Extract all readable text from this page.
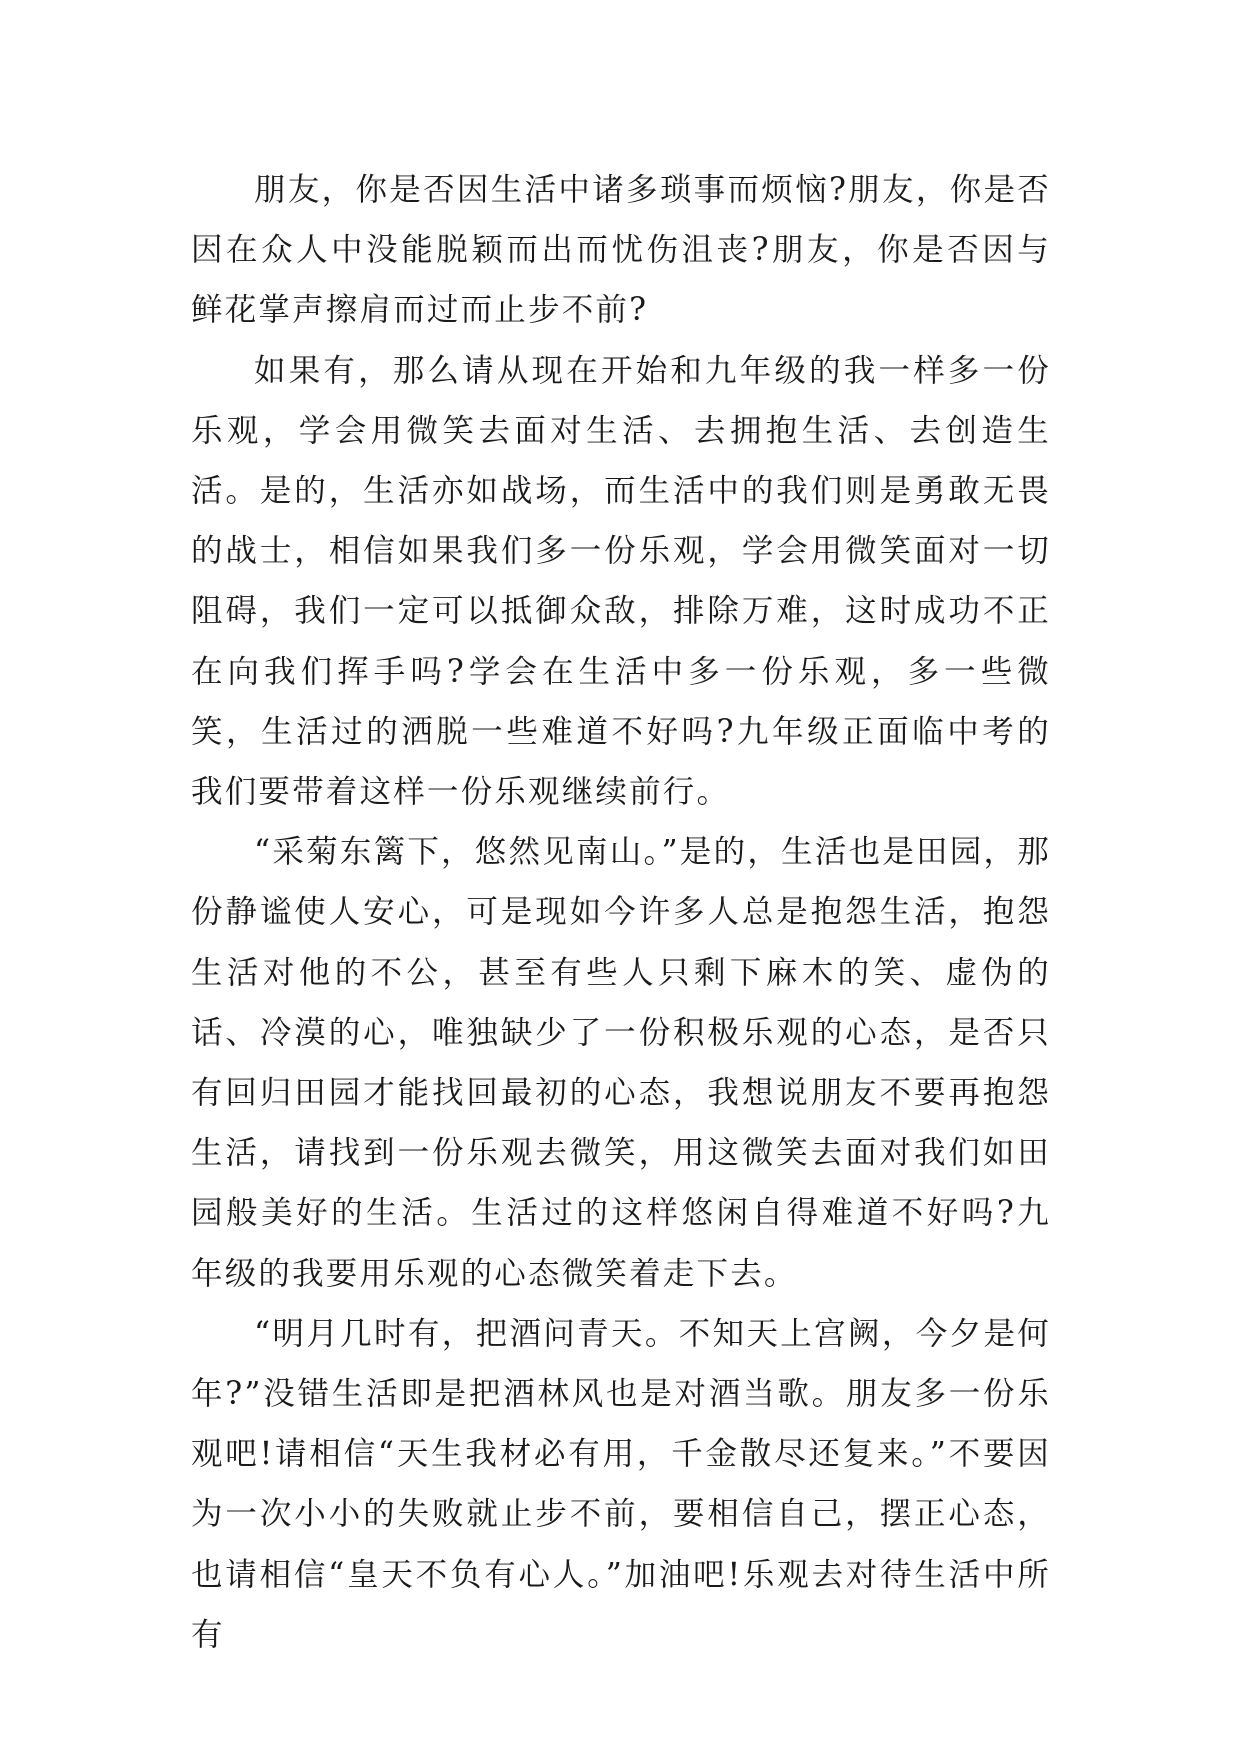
朋友，你是否因生活中诸多琐事而烦恼?朋友，你是否因在众人中没能脱颖而出而忧伤沮丧?朋友，你是否因与鲜花掌声擦肩而过而止步不前?

如果有，那么请从现在开始和九年级的我一样多一份乐观，学会用微笑去面对生活、去拥抱生活、去创造生活。是的，生活亦如战场，而生活中的我们则是勇敢无畏的战士，相信如果我们多一份乐观，学会用微笑面对一切阻碍，我们一定可以抵御众敌，排除万难，这时成功不正在向我们挥手吗?学会在生活中多一份乐观，多一些微笑，生活过的洒脱一些难道不好吗?九年级正面临中考的我们要带着这样一份乐观继续前行。

“采菊东篱下，悠然见南山。”是的，生活也是田园，那份静谧使人安心，可是现如今许多人总是抱怨生活，抱怨生活对他的不公，甚至有些人只剩下麻木的笑、虚伪的话、冷漠的心，唯独缺少了一份积极乐观的心态，是否只有回归田园才能找回最初的心态，我想说朋友不要再抱怨生活，请找到一份乐观去微笑，用这微笑去面对我们如田园般美好的生活。生活过的这样悠闲自得难道不好吗?九年级的我要用乐观的心态微笑着走下去。

“明月几时有，把酒问青天。不知天上宫阙，今夕是何年?”没错生活即是把酒林风也是对酒当歌。朋友多一份乐观吧!请相信“天生我材必有用，千金散尽还复来。”不要因为一次小小的失败就止步不前，要相信自己，摆正心态，也请相信“皇天不负有心人。”加油吧!乐观去对待生活中所有
